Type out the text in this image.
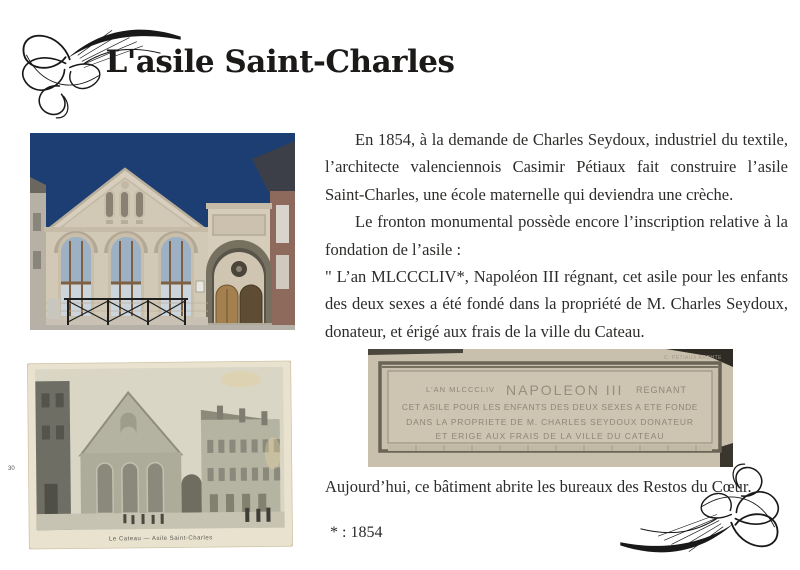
L'asile Saint-Charles

En 1854, à la demande de Charles Seydoux, industriel du textile, l’architecte valenciennois Casimir Pétiaux fait construire l’asile Saint-Charles, une école maternelle qui deviendra une crèche.

Le fronton monumental possède encore l’inscription relative à la fondation de l’asile :

" L’an MLCCCLIV*, Napoléon III régnant, cet asile pour les enfants des deux sexes a été fondé dans la propriété de M. Charles Seydoux, donateur, et érigé aux frais de la ville du Cateau.

Le Cateau — Asile Saint-Charles
L'AN MLCCCLIV NAPOLEON III REGNANT
CET ASILE POUR LES ENFANTS DES DEUX SEXES A ETE FONDE
DANS LA PROPRIETE DE M. CHARLES SEYDOUX DONATEUR
ET ERIGE AUX FRAIS DE LA VILLE DU CATEAU
C. PETIAUX ARCHTE

Aujourd’hui, ce bâtiment abrite les bureaux des Restos du Cœur.

* : 1854

30
